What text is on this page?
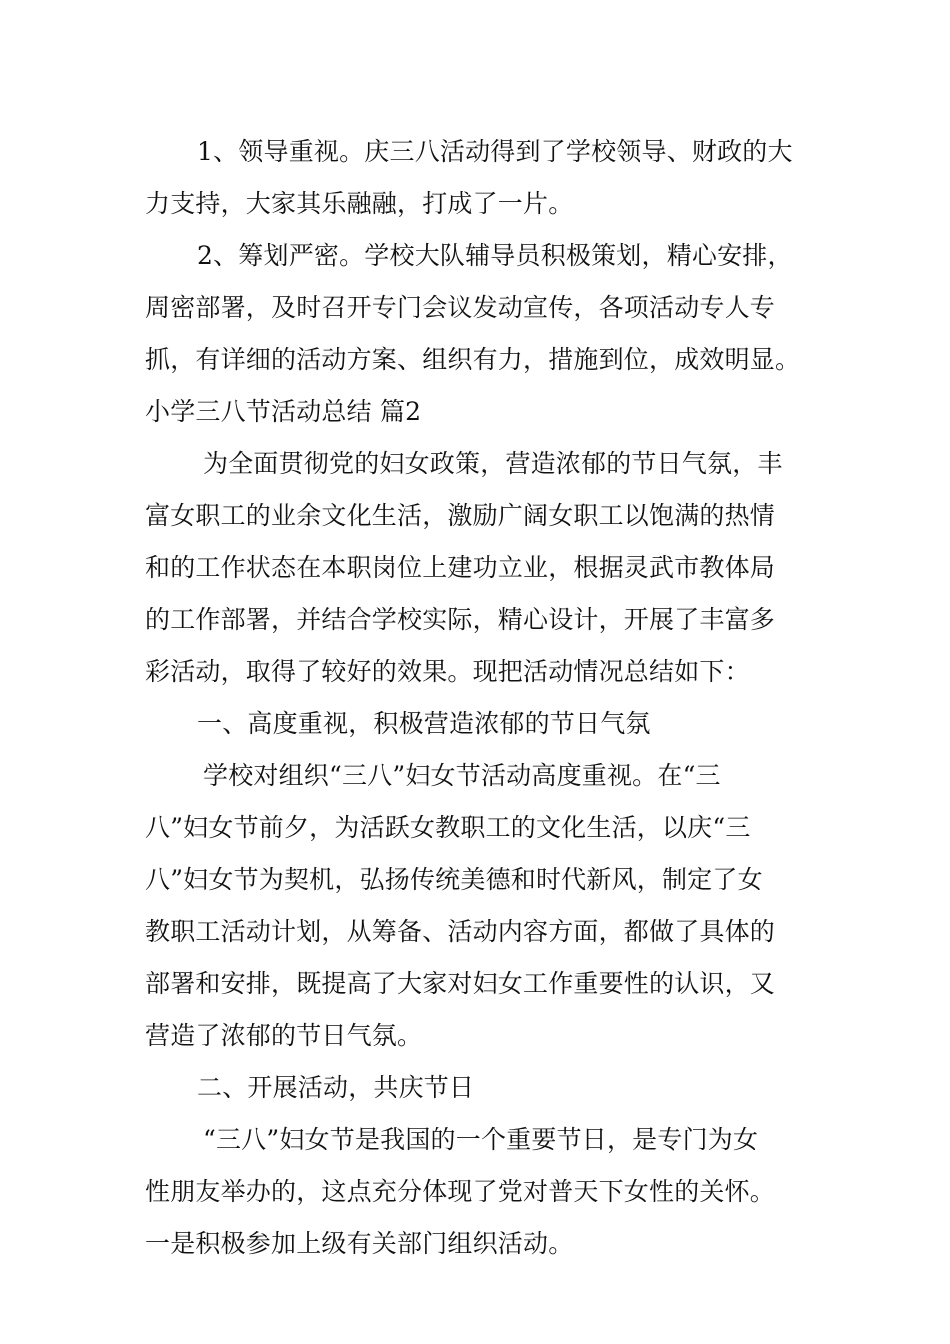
1、领导重视。庆三八活动得到了学校领导、财政的大
力支持，大家其乐融融，打成了一片。
2、筹划严密。学校大队辅导员积极策划，精心安排，
周密部署，及时召开专门会议发动宣传，各项活动专人专
抓，有详细的活动方案、组织有力，措施到位，成效明显。
小学三八节活动总结 篇2
为全面贯彻党的妇女政策，营造浓郁的节日气氛，丰
富女职工的业余文化生活，激励广阔女职工以饱满的热情
和的工作状态在本职岗位上建功立业，根据灵武市教体局
的工作部署，并结合学校实际，精心设计，开展了丰富多
彩活动，取得了较好的效果。现把活动情况总结如下：
一、高度重视，积极营造浓郁的节日气氛
学校对组织“三八”妇女节活动高度重视。在“三
八”妇女节前夕，为活跃女教职工的文化生活，以庆“三
八”妇女节为契机，弘扬传统美德和时代新风，制定了女
教职工活动计划，从筹备、活动内容方面，都做了具体的
部署和安排，既提高了大家对妇女工作重要性的认识，又
营造了浓郁的节日气氛。
二、开展活动，共庆节日
“三八”妇女节是我国的一个重要节日，是专门为女
性朋友举办的，这点充分体现了党对普天下女性的关怀。
一是积极参加上级有关部门组织活动。
